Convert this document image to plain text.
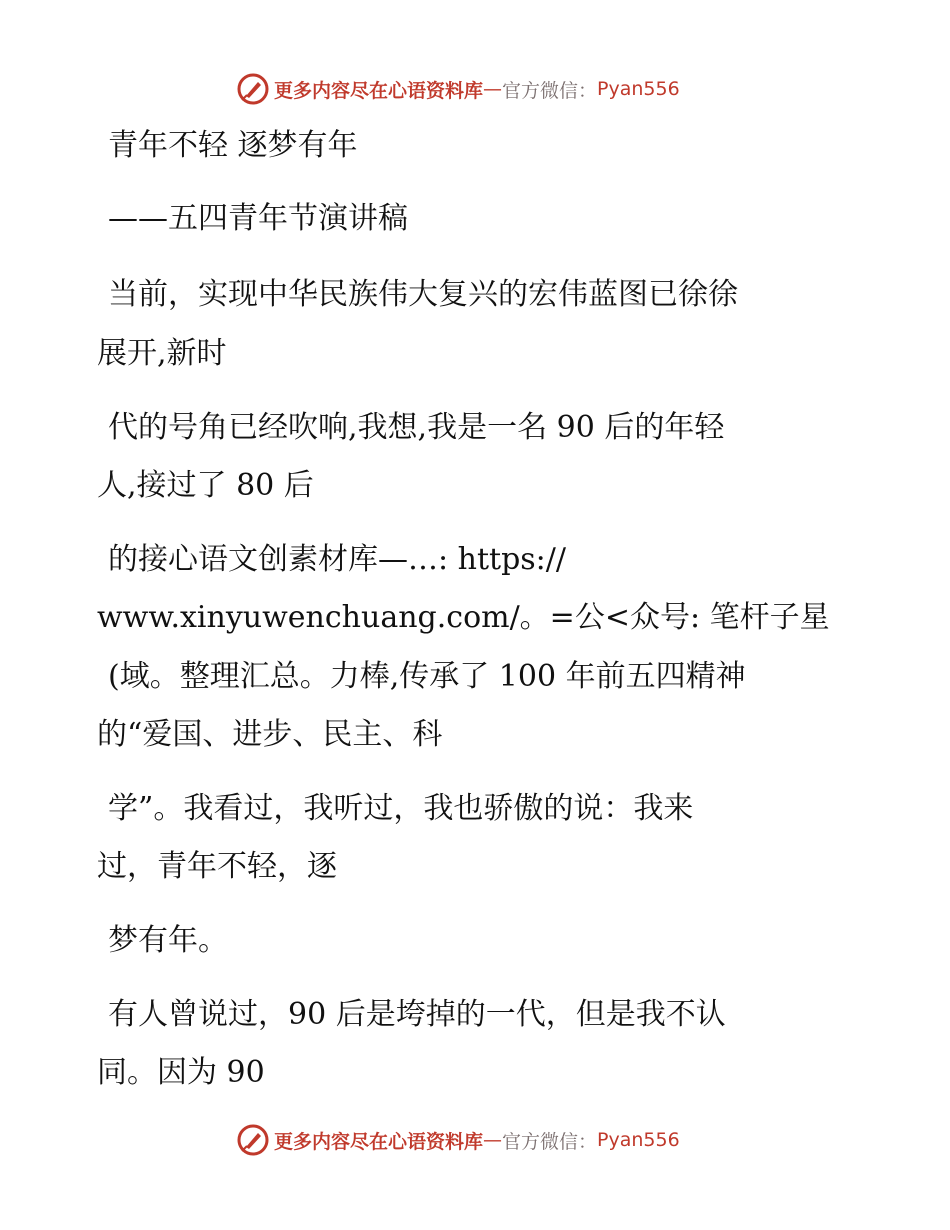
更多内容尽在心语资料库 — 官方微信： Pyan556

青年不轻 逐梦有年

——五四青年节演讲稿

当前，实现中华民族伟大复兴的宏伟蓝图已徐徐

展开,新时

代的号角已经吹响,我想,我是一名 90 后的年轻

人,接过了 80 后

的接心语文创素材库—…: https://

www.xinyuwenchuang.com/。=公<众号: 笔杆子星

(域。整理汇总。力棒,传承了 100 年前五四精神

的“爱国、进步、民主、科

学”。我看过，我听过，我也骄傲的说：我来

过，青年不轻，逐

梦有年。

有人曾说过，90 后是垮掉的一代，但是我不认

同。因为 90

更多内容尽在心语资料库 — 官方微信： Pyan556
